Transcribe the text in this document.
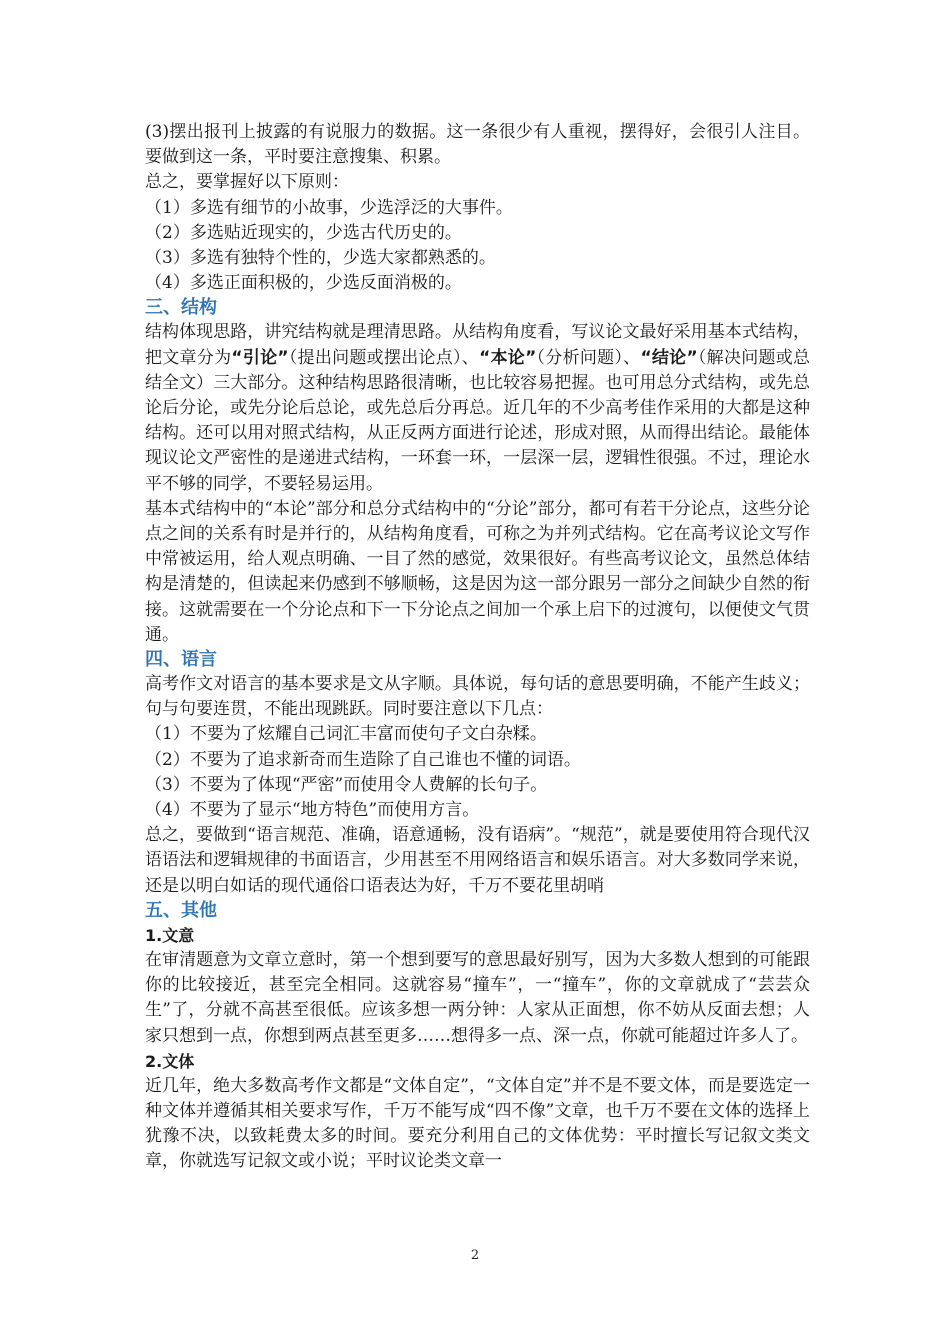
(3)摆出报刊上披露的有说服力的数据。这一条很少有人重视，摆得好，会很引人注目。要做到这一条，平时要注意搜集、积累。

总之，要掌握好以下原则：

（1）多选有细节的小故事，少选浮泛的大事件。

（2）多选贴近现实的，少选古代历史的。

（3）多选有独特个性的，少选大家都熟悉的。

（4）多选正面积极的，少选反面消极的。

三、结构

结构体现思路，讲究结构就是理清思路。从结构角度看，写议论文最好采用基本式结构，把文章分为“引论”（提出问题或摆出论点）、“本论”（分析问题）、“结论”（解决问题或总结全文）三大部分。这种结构思路很清晰，也比较容易把握。也可用总分式结构，或先总论后分论，或先分论后总论，或先总后分再总。近几年的不少高考佳作采用的大都是这种结构。还可以用对照式结构，从正反两方面进行论述，形成对照，从而得出结论。最能体现议论文严密性的是递进式结构，一环套一环，一层深一层，逻辑性很强。不过，理论水平不够的同学，不要轻易运用。

基本式结构中的“本论”部分和总分式结构中的“分论”部分，都可有若干分论点，这些分论点之间的关系有时是并行的，从结构角度看，可称之为并列式结构。它在高考议论文写作中常被运用，给人观点明确、一目了然的感觉，效果很好。有些高考议论文，虽然总体结构是清楚的，但读起来仍感到不够顺畅，这是因为这一部分跟另一部分之间缺少自然的衔接。这就需要在一个分论点和下一下分论点之间加一个承上启下的过渡句，以便使文气贯通。

四、语言

高考作文对语言的基本要求是文从字顺。具体说，每句话的意思要明确，不能产生歧义；句与句要连贯，不能出现跳跃。同时要注意以下几点：

（1）不要为了炫耀自己词汇丰富而使句子文白杂糅。

（2）不要为了追求新奇而生造除了自己谁也不懂的词语。

（3）不要为了体现“严密”而使用令人费解的长句子。

（4）不要为了显示“地方特色”而使用方言。

总之，要做到“语言规范、准确，语意通畅，没有语病”。“规范”，就是要使用符合现代汉语语法和逻辑规律的书面语言，少用甚至不用网络语言和娱乐语言。对大多数同学来说，还是以明白如话的现代通俗口语表达为好，千万不要花里胡哨

五、其他

1.文意

在审清题意为文章立意时，第一个想到要写的意思最好别写，因为大多数人想到的可能跟你的比较接近，甚至完全相同。这就容易“撞车”，一“撞车”，你的文章就成了“芸芸众生”了，分就不高甚至很低。应该多想一两分钟：人家从正面想，你不妨从反面去想；人家只想到一点，你想到两点甚至更多……想得多一点、深一点，你就可能超过许多人了。

2.文体

近几年，绝大多数高考作文都是“文体自定”，“文体自定”并不是不要文体，而是要选定一种文体并遵循其相关要求写作，千万不能写成“四不像”文章，也千万不要在文体的选择上犹豫不决，以致耗费太多的时间。要充分利用自己的文体优势：平时擅长写记叙文类文章，你就选写记叙文或小说；平时议论类文章一

2
